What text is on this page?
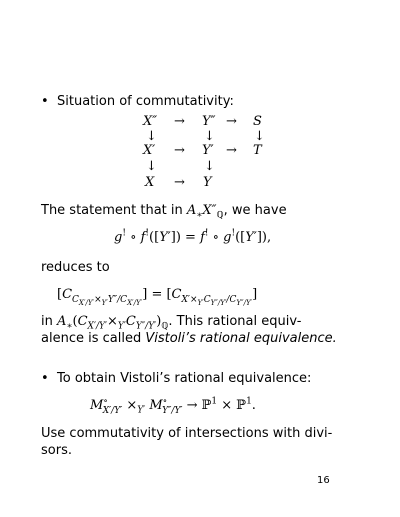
• Situation of commutativity:
X″ → Y″ → S
↓	↓	↓
X′ → Y′ → T
↓	↓
X → Y
The statement that in $A_∗X''_ℚ$, we have
g! ∘ f!([Y′]) = f! ∘ g!([Y′]),
reduces to
$[C_{C_{X'/Y'}\times_{Y'}Y''/C_{X'/Y'}}] = [C_{X'\times_{Y'}C_{Y''/Y'}/C_{Y''/Y'}}]$
in $A_∗(C_{X'/Y'}\times_{Y'}C_{Y''/Y'})_ℚ$. This rational equiv-
alence is called Vistoli’s rational equivalence.
• To obtain Vistoli’s rational equivalence:
$M^\circ_{X'/Y'} \times_{Y'}$ $M^\circ_{Y''/Y'}$ → ℙ$^1$ × ℙ$^1$.
Use commutativity of intersections with divi-
sors.
16
